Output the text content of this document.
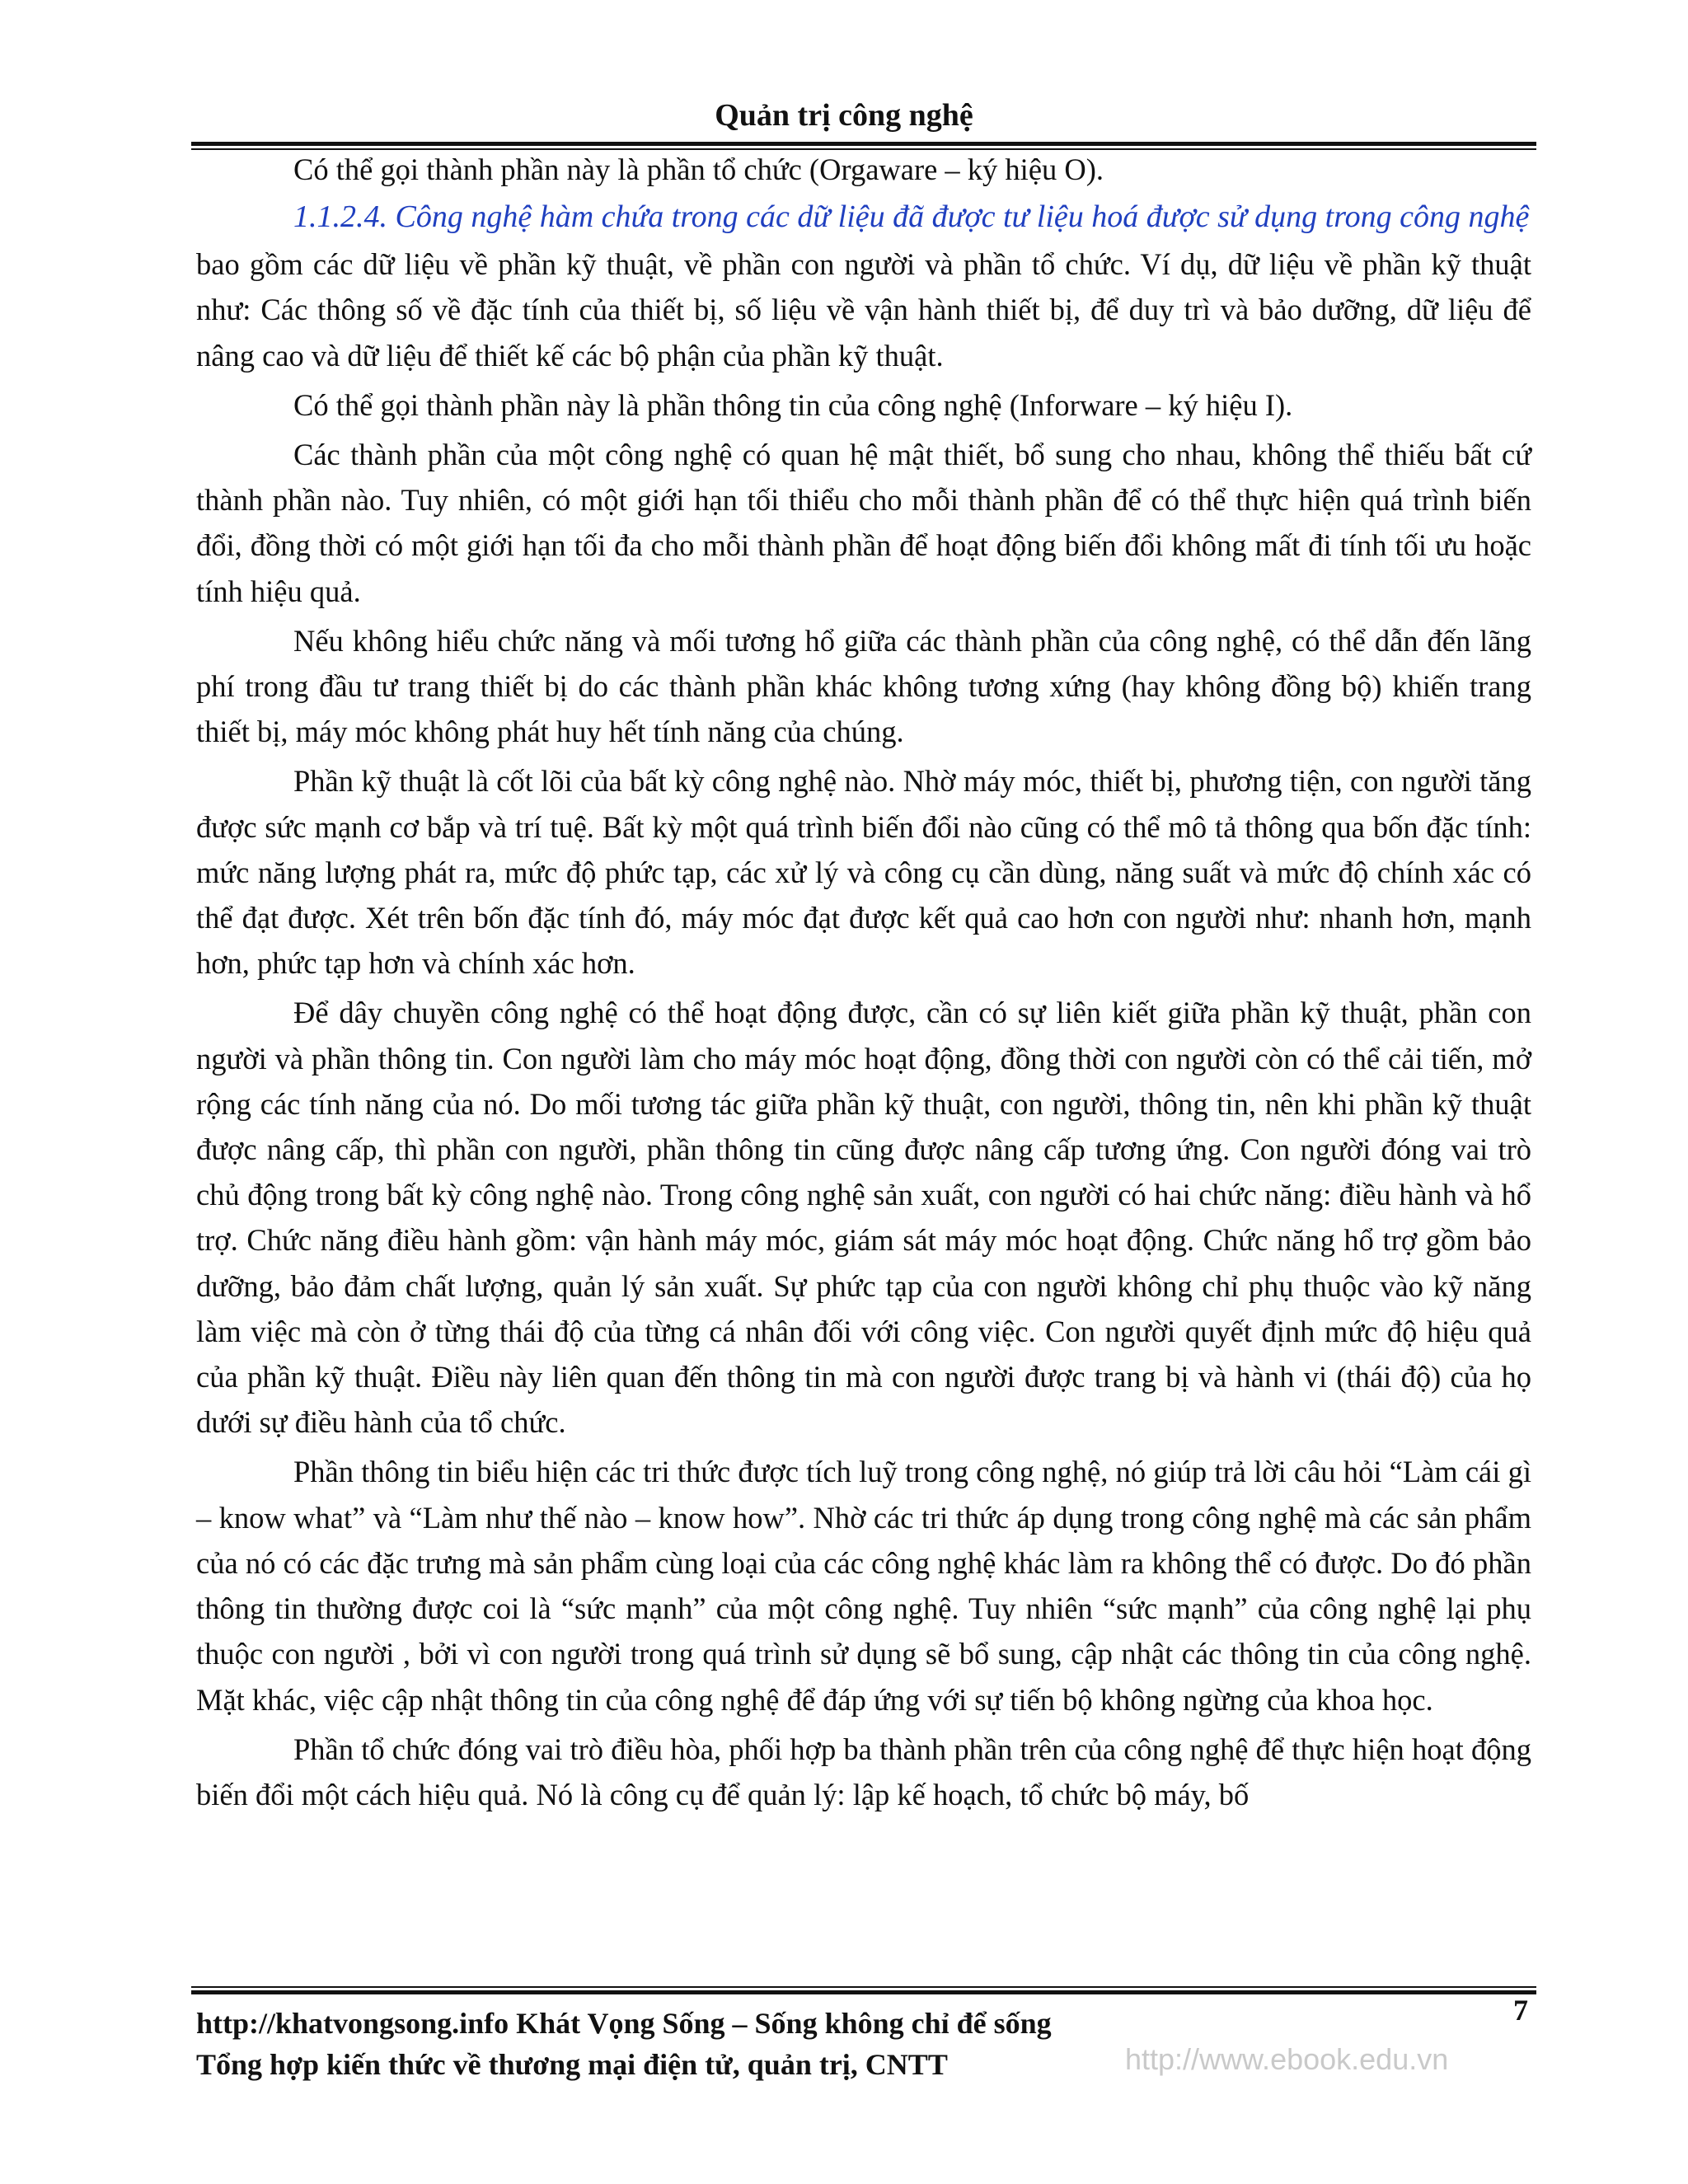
Quản trị công nghệ

Có thể gọi thành phần này là phần tổ chức (Orgaware – ký hiệu O).

1.1.2.4. Công nghệ hàm chứa trong các dữ liệu đã được tư liệu hoá được sử dụng trong công nghệ

bao gồm các dữ liệu về phần kỹ thuật, về phần con người và phần tổ chức. Ví dụ, dữ liệu về phần kỹ thuật như: Các thông số về đặc tính của thiết bị, số liệu về vận hành thiết bị, để duy trì và bảo dưỡng, dữ liệu để nâng cao và dữ liệu để thiết kế các bộ phận của phần kỹ thuật.

Có thể gọi thành phần này là phần thông tin của công nghệ (Inforware – ký hiệu I).

Các thành phần của một công nghệ có quan hệ mật thiết, bổ sung cho nhau, không thể thiếu bất cứ thành phần nào. Tuy nhiên, có một giới hạn tối thiểu cho mỗi thành phần để có thể thực hiện quá trình biến đổi, đồng thời có một giới hạn tối đa cho mỗi thành phần để hoạt động biến đổi không mất đi tính tối ưu hoặc tính hiệu quả.

Nếu không hiểu chức năng và mối tương hổ giữa các thành phần của công nghệ, có thể dẫn đến lãng phí trong đầu tư trang thiết bị do các thành phần khác không tương xứng (hay không đồng bộ) khiến trang thiết bị, máy móc không phát huy hết tính năng của chúng.

Phần kỹ thuật là cốt lõi của bất kỳ công nghệ nào. Nhờ máy móc, thiết bị, phương tiện, con người tăng được sức mạnh cơ bắp và trí tuệ. Bất kỳ một quá trình biến đổi nào cũng có thể mô tả thông qua bốn đặc tính: mức năng lượng phát ra, mức độ phức tạp, các xử lý và công cụ cần dùng, năng suất và mức độ chính xác có thể đạt được. Xét trên bốn đặc tính đó, máy móc đạt được kết quả cao hơn con người như: nhanh hơn, mạnh hơn, phức tạp hơn và chính xác hơn.

Để dây chuyền công nghệ có thể hoạt động được, cần có sự liên kiết giữa phần kỹ thuật, phần con người và phần thông tin. Con người làm cho máy móc hoạt động, đồng thời con người còn có thể cải tiến, mở rộng các tính năng của nó. Do mối tương tác giữa phần kỹ thuật, con người, thông tin, nên khi phần kỹ thuật được nâng cấp, thì phần con người, phần thông tin cũng được nâng cấp tương ứng. Con người đóng vai trò chủ động trong bất kỳ công nghệ nào. Trong công nghệ sản xuất, con người có hai chức năng: điều hành và hổ trợ. Chức năng điều hành gồm: vận hành máy móc, giám sát máy móc hoạt động. Chức năng hổ trợ gồm bảo dưỡng, bảo đảm chất lượng, quản lý sản xuất. Sự phức tạp của con người không chỉ phụ thuộc vào kỹ năng làm việc mà còn ở từng thái độ của từng cá nhân đối với công việc. Con người quyết định mức độ hiệu quả của phần kỹ thuật. Điều này liên quan đến thông tin mà con người được trang bị và hành vi (thái độ) của họ dưới sự điều hành của tổ chức.

Phần thông tin biểu hiện các tri thức được tích luỹ trong công nghệ, nó giúp trả lời câu hỏi “Làm cái gì – know what” và “Làm như thế nào – know how”. Nhờ các tri thức áp dụng trong công nghệ mà các sản phẩm của nó có các đặc trưng mà sản phẩm cùng loại của các công nghệ khác làm ra không thể có được. Do đó phần thông tin thường được coi là “sức mạnh” của một công nghệ. Tuy nhiên “sức mạnh” của công nghệ lại phụ thuộc con người , bởi vì con người trong quá trình sử dụng sẽ bổ sung, cập nhật các thông tin của công nghệ. Mặt khác, việc cập nhật thông tin của công nghệ để đáp ứng với sự tiến bộ không ngừng của khoa học.

Phần tổ chức đóng vai trò điều hòa, phối hợp ba thành phần trên của công nghệ để thực hiện hoạt động biến đổi một cách hiệu quả. Nó là công cụ để quản lý: lập kế hoạch, tổ chức bộ máy, bố

http://khatvongsong.info Khát Vọng Sống – Sống không chỉ để sống
Tổng hợp kiến thức về thương mại điện tử, quản trị, CNTT
7
http://www.ebook.edu.vn
